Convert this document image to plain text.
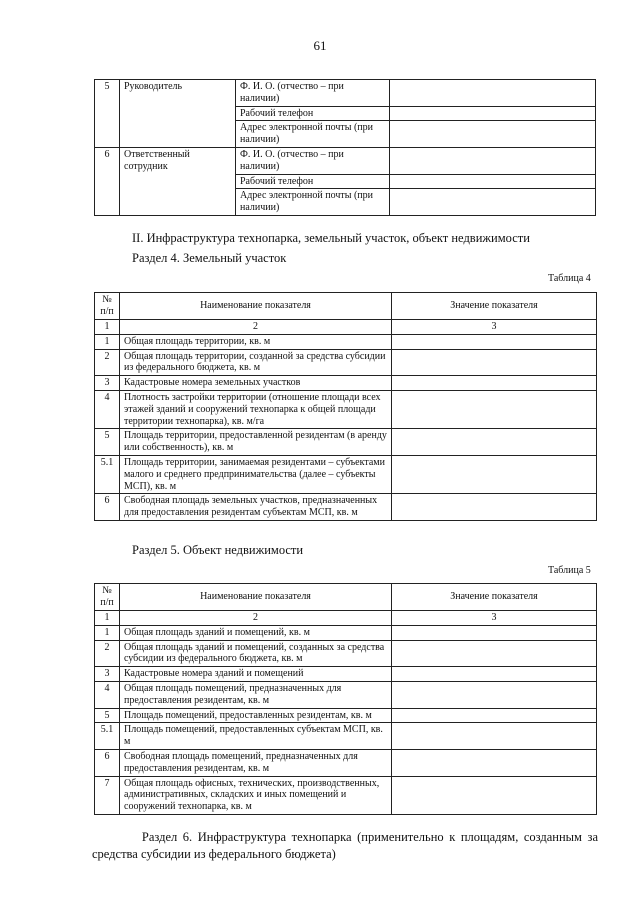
61
5	Руководитель	Ф. И. О. (отчество – при наличии)	
		Рабочий телефон	
		Адрес электронной почты (при наличии)	
6	Ответственный сотрудник	Ф. И. О. (отчество – при наличии)	
		Рабочий телефон	
		Адрес электронной почты (при наличии)	
II. Инфраструктура технопарка, земельный участок, объект недвижимости
Раздел 4. Земельный участок
Таблица 4
№ п/п	Наименование показателя	Значение показателя
1	2	3
1	Общая площадь территории, кв. м	
2	Общая площадь территории, созданной за средства субсидии из федерального бюджета, кв. м	
3	Кадастровые номера земельных участков	
4	Плотность застройки территории (отношение площади всех этажей зданий и сооружений технопарка к общей площади территории технопарка), кв. м/га	
5	Площадь территории, предоставленной резидентам (в аренду или собственность), кв. м	
5.1	Площадь территории, занимаемая резидентами – субъектами малого и среднего предпринимательства (далее – субъекты МСП), кв. м	
6	Свободная площадь земельных участков, предназначенных для предоставления резидентам субъектам МСП, кв. м	
Раздел 5. Объект недвижимости
Таблица 5
№ п/п	Наименование показателя	Значение показателя
1	2	3
1	Общая площадь зданий и помещений, кв. м	
2	Общая площадь зданий и помещений, созданных за средства субсидии из федерального бюджета, кв. м	
3	Кадастровые номера зданий и помещений	
4	Общая площадь помещений, предназначенных для предоставления резидентам, кв. м	
5	Площадь помещений, предоставленных резидентам, кв. м	
5.1	Площадь помещений, предоставленных субъектам МСП, кв. м	
6	Свободная площадь помещений, предназначенных для предоставления резидентам, кв. м	
7	Общая площадь офисных, технических, производственных, административных, складских и иных помещений и сооружений технопарка, кв. м	
Раздел 6. Инфраструктура технопарка (применительно к площадям, созданным за средства субсидии из федерального бюджета)
